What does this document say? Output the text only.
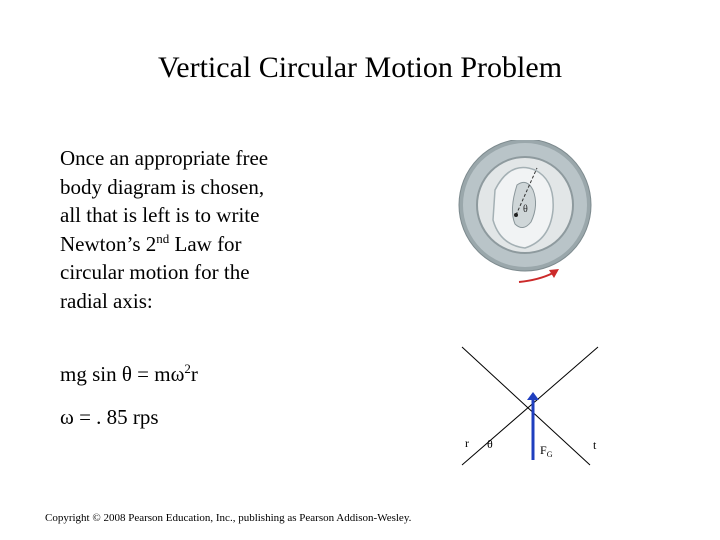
Vertical Circular Motion Problem
Once an appropriate free body diagram is chosen, all that is left is to write Newton’s 2nd Law for circular motion for the radial axis:
mg $\sin \theta = m\omega^2r$
ω = . 85 rps
Copyright © 2008 Pearson Education, Inc., publishing as Pearson Addison-Wesley.
θ
r θ	$F_G$
t
